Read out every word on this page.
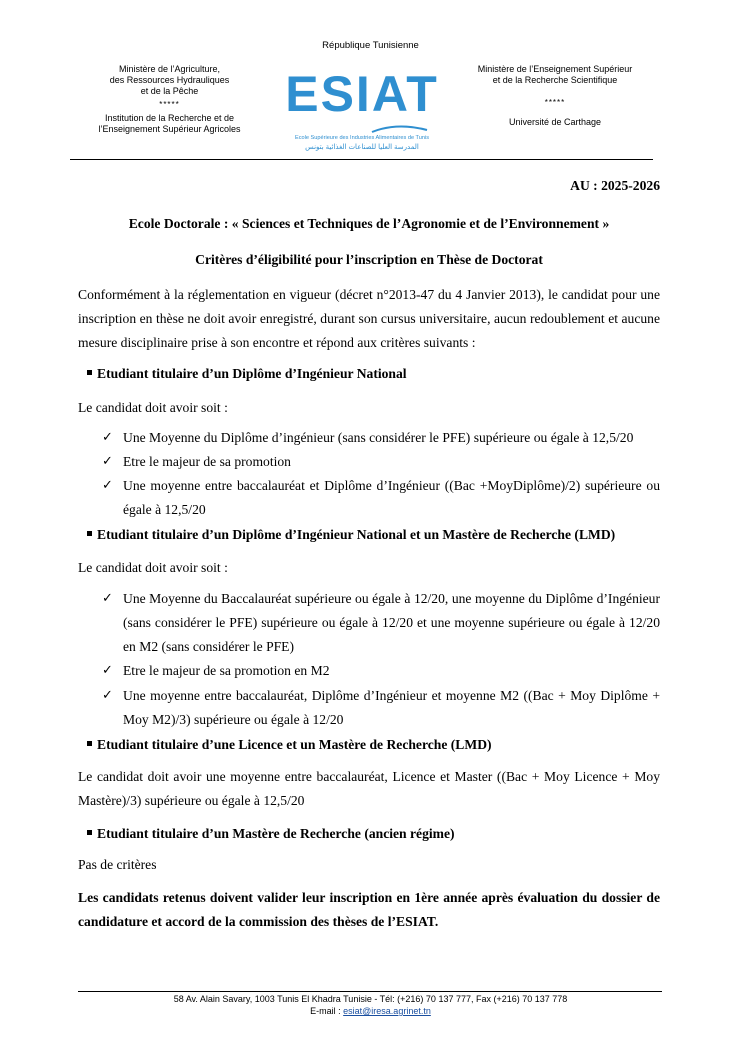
République Tunisienne
Ministère de l’Agriculture,
des Ressources Hydrauliques
et de la Pêche
*****
Institution de la Recherche et de
l’Enseignement Supérieur Agricoles
ESIAT
Ecole Supérieure des Industries Alimentaires de Tunis
المدرسة العليا للصناعات الغذائية بتونس
Ministère de l’Enseignement Supérieur
et de la Recherche Scientifique
*****
Université de Carthage
AU : 2025-2026
Ecole Doctorale : « Sciences et Techniques de l’Agronomie et de l’Environnement »
Critères d’éligibilité pour l’inscription en Thèse de Doctorat
Conformément à la réglementation en vigueur (décret n°2013-47 du 4 Janvier 2013), le candidat pour une inscription en thèse ne doit avoir enregistré, durant son cursus universitaire, aucun redoublement et aucune mesure disciplinaire prise à son encontre et répond aux critères suivants :
Etudiant titulaire d’un Diplôme d’Ingénieur National
Le candidat doit avoir soit :
✓ Une Moyenne du Diplôme d’ingénieur (sans considérer le PFE) supérieure ou égale à 12,5/20
✓ Etre le majeur de sa promotion
✓ Une moyenne entre baccalauréat et Diplôme d’Ingénieur ((Bac +MoyDiplôme)/2) supérieure ou égale à 12,5/20
Etudiant titulaire d’un Diplôme d’Ingénieur National et un Mastère de Recherche (LMD)
Le candidat doit avoir soit :
✓ Une Moyenne du Baccalauréat supérieure ou égale à 12/20, une moyenne du Diplôme d’Ingénieur (sans considérer le PFE) supérieure ou égale à 12/20 et une moyenne supérieure ou égale à 12/20 en M2 (sans considérer le PFE)
✓ Etre le majeur de sa promotion en M2
✓ Une moyenne entre baccalauréat, Diplôme d’Ingénieur et moyenne M2 ((Bac + Moy Diplôme + Moy M2)/3) supérieure ou égale à 12/20
Etudiant titulaire d’une Licence et un Mastère de Recherche (LMD)
Le candidat doit avoir une moyenne entre baccalauréat, Licence et Master ((Bac + Moy Licence + Moy Mastère)/3) supérieure ou égale à 12,5/20
Etudiant titulaire d’un Mastère de Recherche (ancien régime)
Pas de critères
Les candidats retenus doivent valider leur inscription en 1ère année après évaluation du dossier de candidature et accord de la commission des thèses de l’ESIAT.
58 Av. Alain Savary, 1003 Tunis El Khadra Tunisie - Tél: (+216) 70 137 777, Fax (+216) 70 137 778
E-mail : esiat@iresa.agrinet.tn
